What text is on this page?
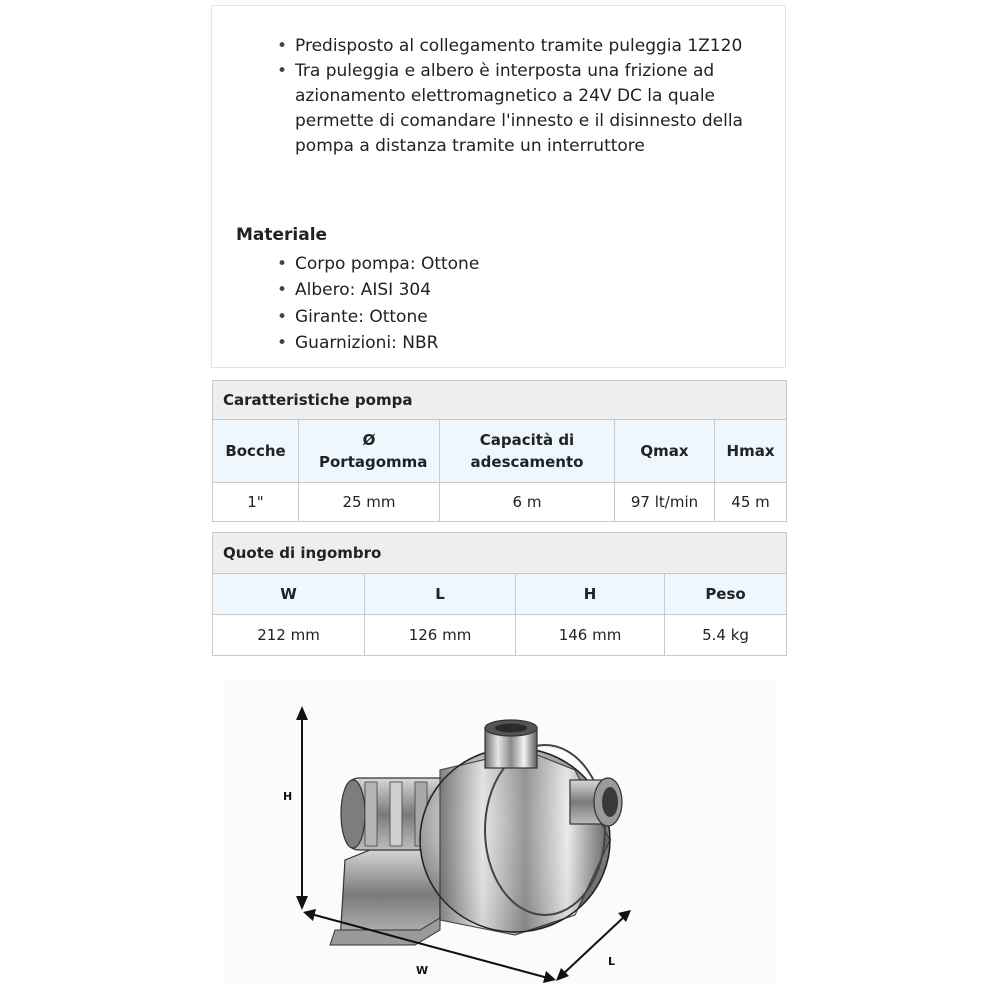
• Predisposto al collegamento tramite puleggia 1Z120
• Tra puleggia e albero è interposta una frizione ad azionamento elettromagnetico a 24V DC la quale permette di comandare l'innesto e il disinnesto della pompa a distanza tramite un interruttore
Materiale
• Corpo pompa: Ottone
• Albero: AISI 304
• Girante: Ottone
• Guarnizioni: NBR
Caratteristiche pompa				
Bocche	Ø Portagomma	Capacità di adescamento	Qmax	Hmax
1"	25 mm	6 m	97 lt/min	45 m
Quote di ingombro			
W	L	H	Peso
212 mm	126 mm	146 mm	5.4 kg
H
W
L
